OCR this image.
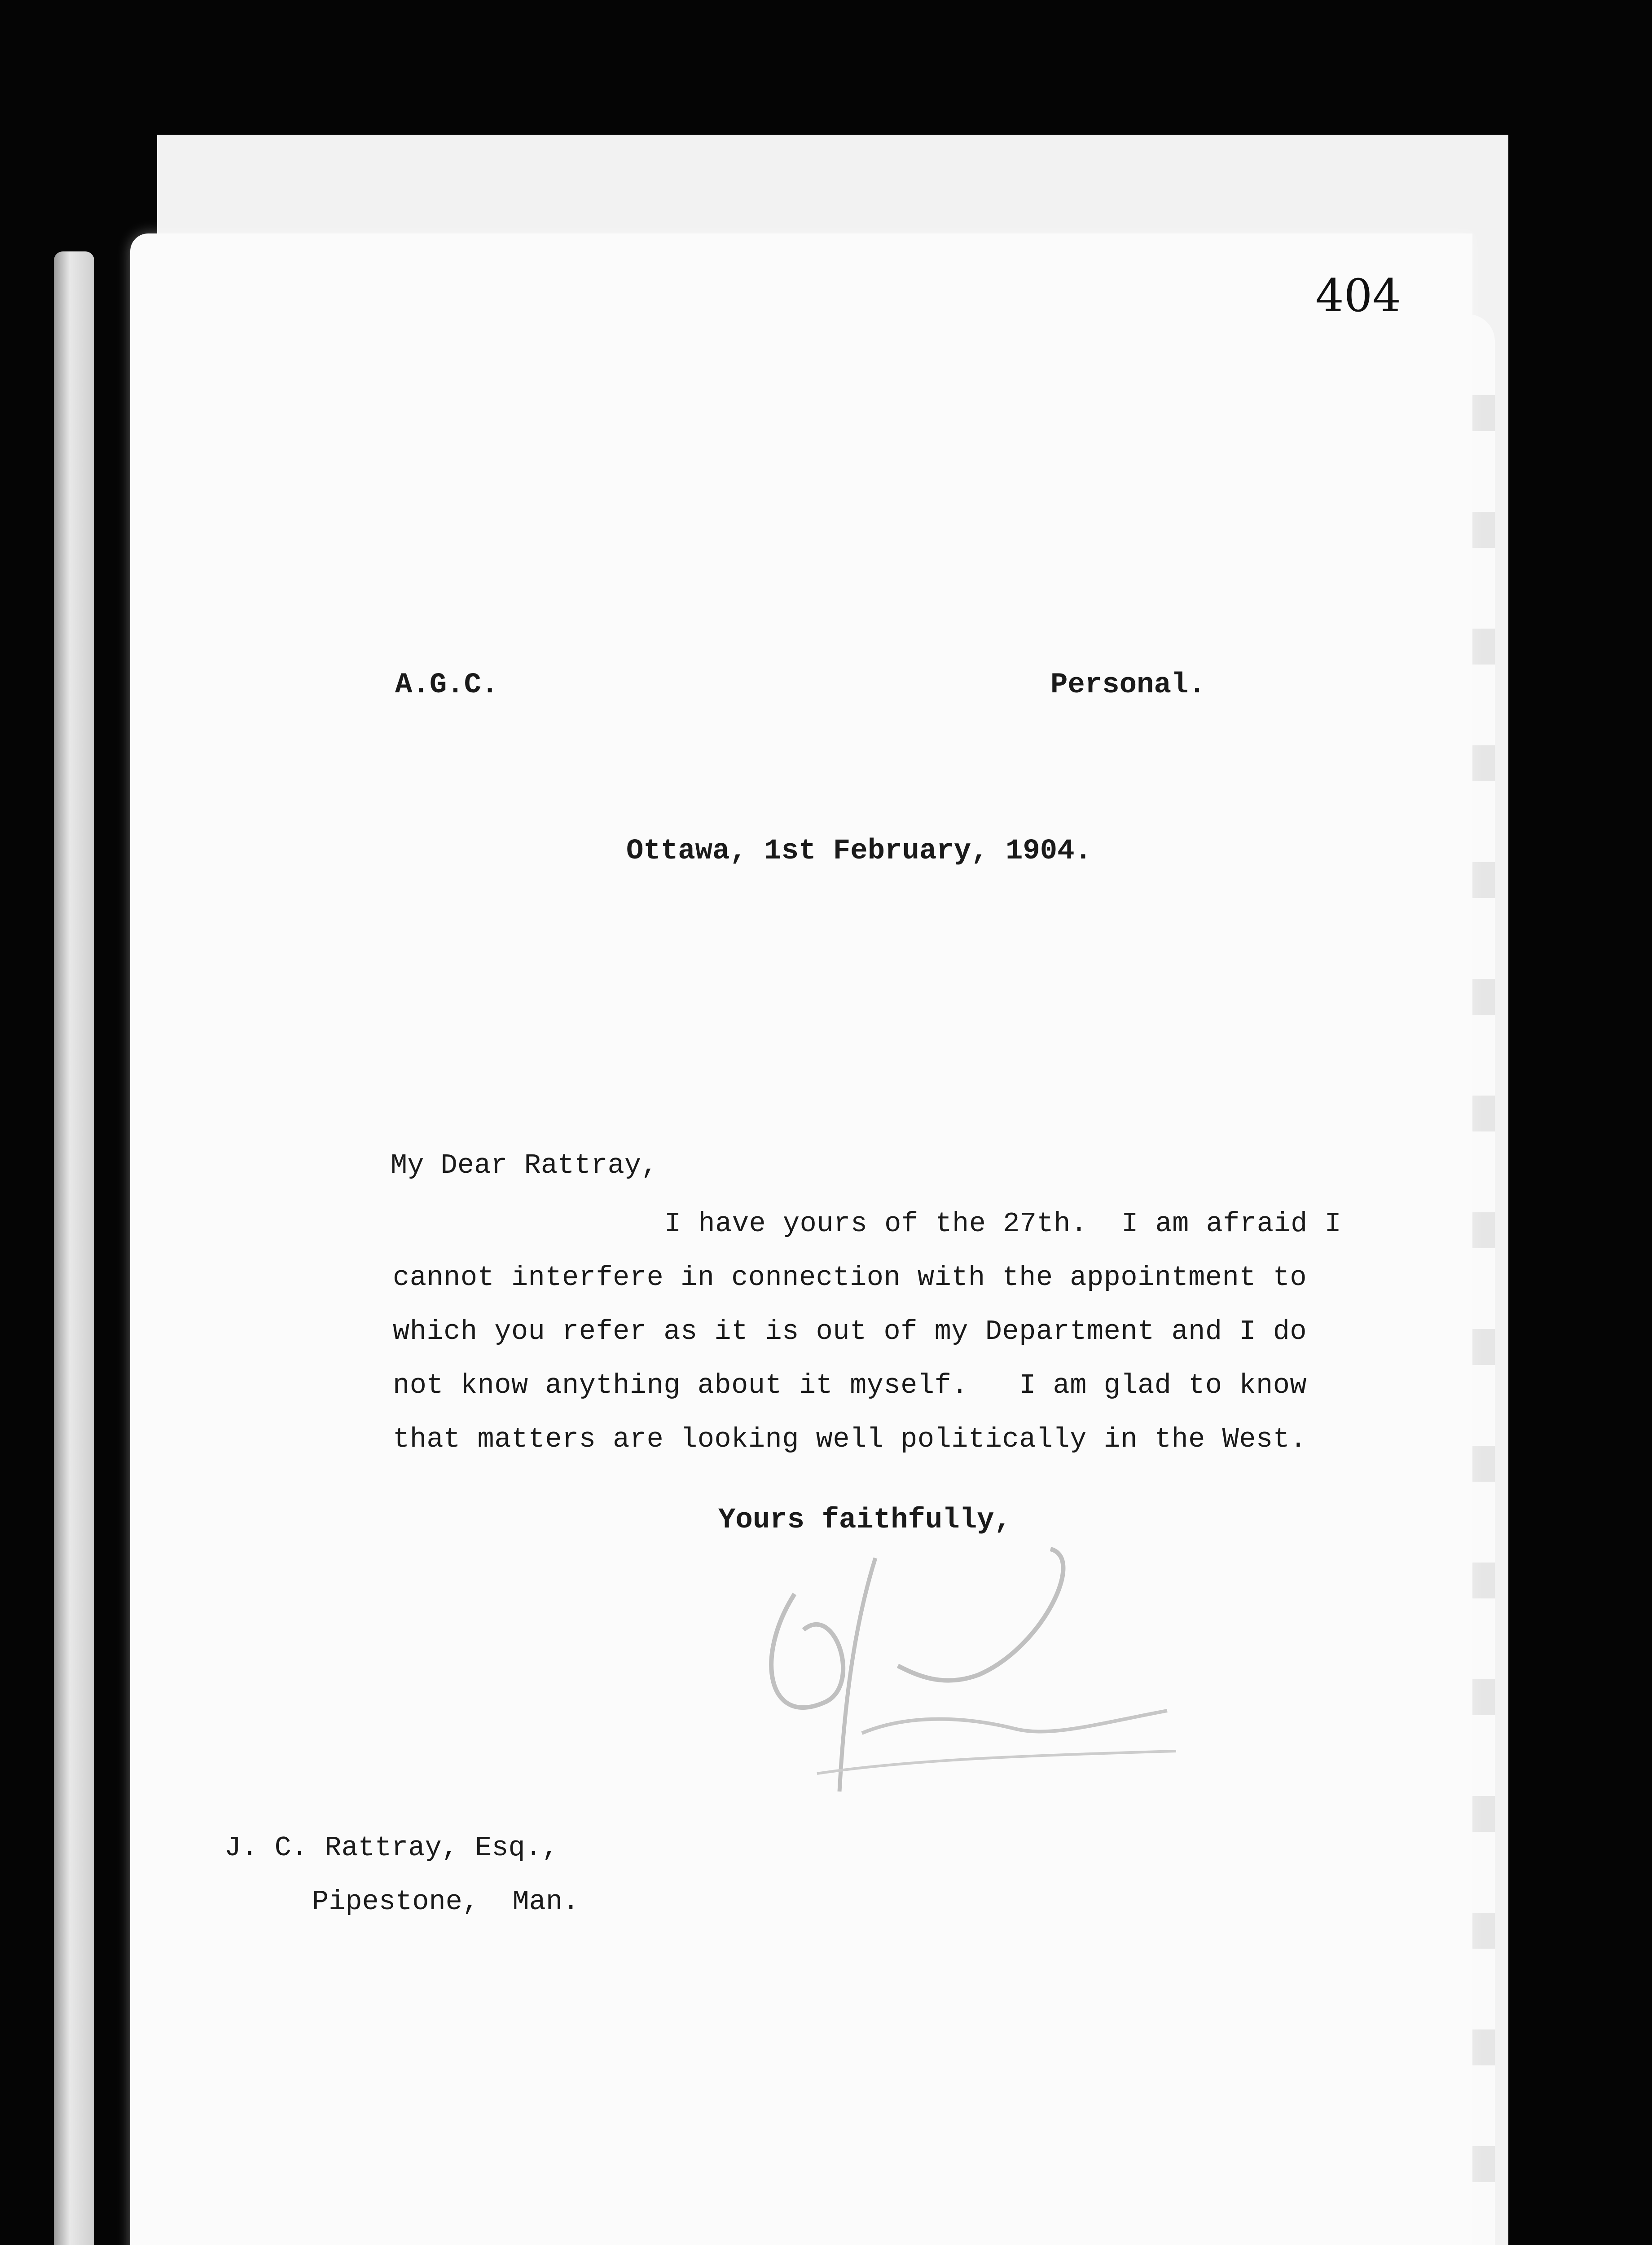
404
A.G.C.	Personal.
Ottawa, 1st February, 1904.
My Dear Rattray,
I have yours of the 27th.  I am afraid I
cannot interfere in connection with the appointment to
which you refer as it is out of my Department and I do
not know anything about it myself.   I am glad to know
that matters are looking well politically in the West.
Yours faithfully,
J. C. Rattray, Esq.,
Pipestone,  Man.
